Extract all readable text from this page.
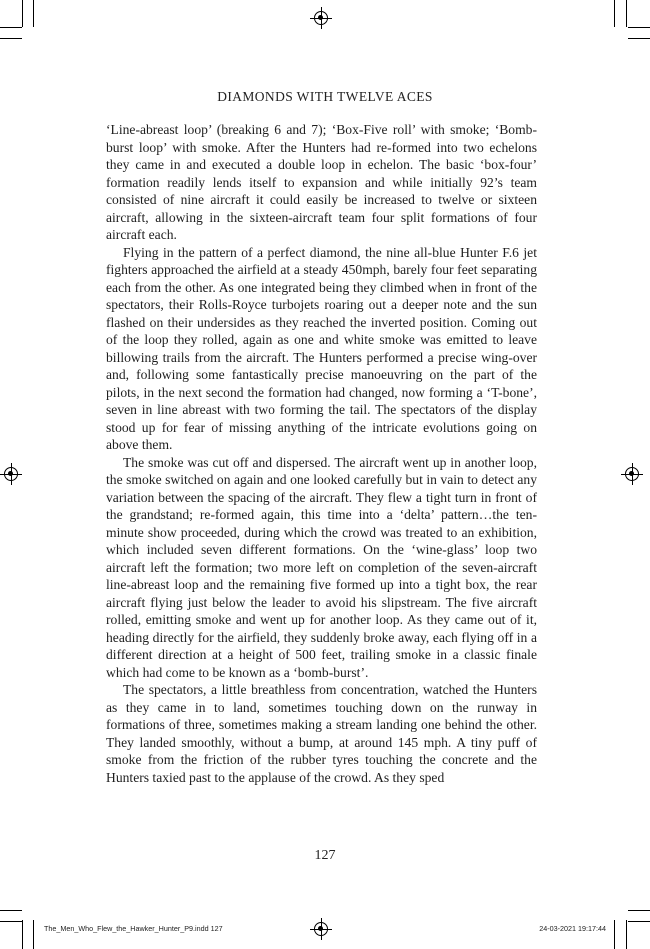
DIAMONDS WITH TWELVE ACES

‘Line-abreast loop’ (breaking 6 and 7); ‘Box-Five roll’ with smoke; ‘Bomb-burst loop’ with smoke. After the Hunters had re-formed into two echelons they came in and executed a double loop in echelon. The basic ‘box-four’ formation readily lends itself to expansion and while initially 92’s team consisted of nine aircraft it could easily be increased to twelve or sixteen aircraft, allowing in the sixteen-aircraft team four split formations of four aircraft each.

Flying in the pattern of a perfect diamond, the nine all-blue Hunter F.6 jet fighters approached the airfield at a steady 450mph, barely four feet separating each from the other. As one integrated being they climbed when in front of the spectators, their Rolls-Royce turbojets roaring out a deeper note and the sun flashed on their undersides as they reached the inverted position. Coming out of the loop they rolled, again as one and white smoke was emitted to leave billowing trails from the aircraft. The Hunters performed a precise wing-over and, following some fantastically precise manoeuvring on the part of the pilots, in the next second the formation had changed, now forming a ‘T-bone’, seven in line abreast with two forming the tail. The spectators of the display stood up for fear of missing anything of the intricate evolutions going on above them.

The smoke was cut off and dispersed. The aircraft went up in another loop, the smoke switched on again and one looked carefully but in vain to detect any variation between the spacing of the aircraft. They flew a tight turn in front of the grandstand; re-formed again, this time into a ‘delta’ pattern…the ten-minute show proceeded, during which the crowd was treated to an exhibition, which included seven different formations. On the ‘wine-glass’ loop two aircraft left the formation; two more left on completion of the seven-aircraft line-abreast loop and the remaining five formed up into a tight box, the rear aircraft flying just below the leader to avoid his slipstream. The five aircraft rolled, emitting smoke and went up for another loop. As they came out of it, heading directly for the airfield, they suddenly broke away, each flying off in a different direction at a height of 500 feet, trailing smoke in a classic finale which had come to be known as a ‘bomb-burst’.

The spectators, a little breathless from concentration, watched the Hunters as they came in to land, sometimes touching down on the runway in formations of three, sometimes making a stream landing one behind the other. They landed smoothly, without a bump, at around 145 mph. A tiny puff of smoke from the friction of the rubber tyres touching the concrete and the Hunters taxied past to the applause of the crowd. As they sped

127
The_Men_Who_Flew_the_Hawker_Hunter_P9.indd 127	24-03-2021 19:17:44
